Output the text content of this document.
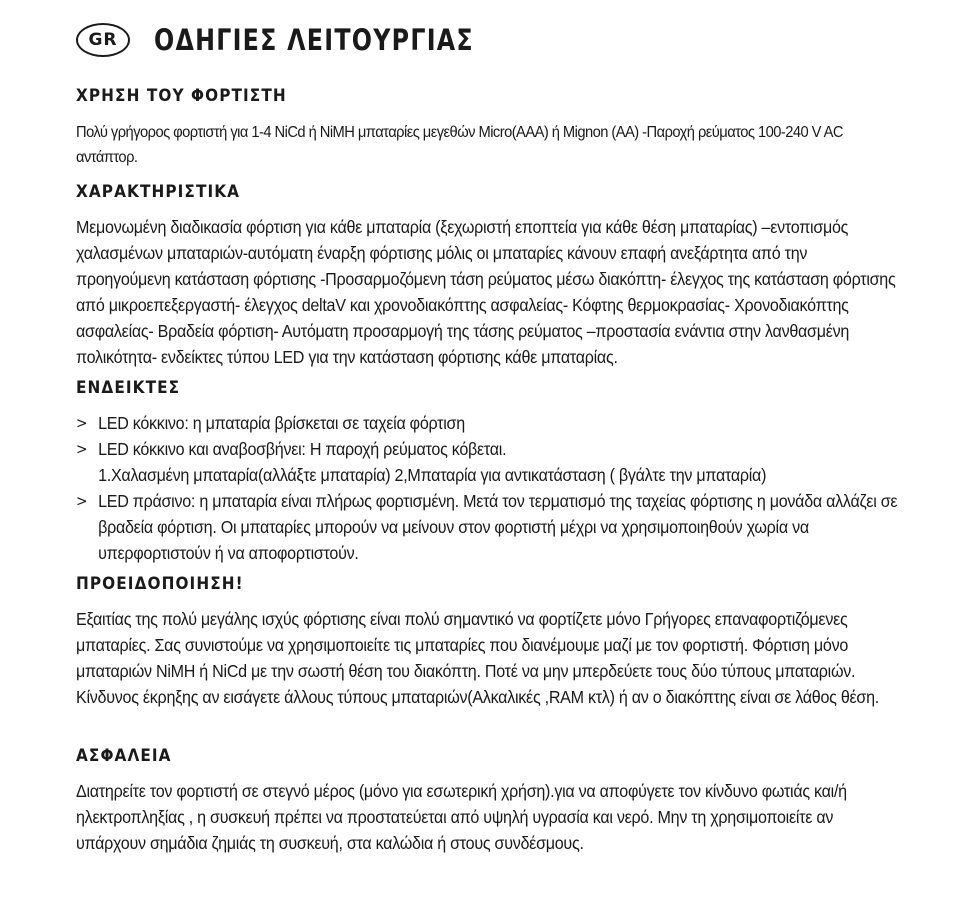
GR	ΟΔΗΓΙΕΣ ΛΕΙΤΟΥΡΓΙΑΣ
ΧΡΗΣΗ ΤΟΥ ΦΟΡΤΙΣΤΗ

Πολύ γρήγορος φορτιστή για 1-4 NiCd ή NiMH μπαταρίες μεγεθών Micro(AAA) ή Mignon (AA) -Παροχή ρεύματος 100-240 V AC αντάπτορ.

ΧΑΡΑΚΤΗΡΙΣΤΙΚΑ

Μεμονωμένη διαδικασία φόρτιση για κάθε μπαταρία (ξεχωριστή εποπτεία για κάθε θέση μπαταρίας) –εντοπισμός χαλασμένων μπαταριών-αυτόματη έναρξη φόρτισης μόλις οι μπαταρίες κάνουν επαφή ανεξάρτητα από την προηγούμενη κατάσταση φόρτισης -Προσαρμοζόμενη τάση ρεύματος μέσω διακόπτη- έλεγχος της κατάσταση φόρτισης από μικροεπεξεργαστή- έλεγχος deltaV και χρονοδιακόπτης ασφαλείας- Κόφτης θερμοκρασίας- Χρονοδιακόπτης ασφαλείας- Βραδεία φόρτιση- Αυτόματη προσαρμογή της τάσης ρεύματος –προστασία ενάντια στην λανθασμένη πολικότητα- ενδείκτες τύπου LED για την κατάσταση φόρτισης κάθε μπαταρίας.

ΕΝΔΕΙΚΤΕΣ
> LED κόκκινο: η μπαταρία βρίσκεται σε ταχεία φόρτιση
> LED κόκκινο και αναβοσβήνει: Η παροχή ρεύματος κόβεται.
1.Χαλασμένη μπαταρία(αλλάξτε μπαταρία) 2,Μπαταρία για αντικατάσταση ( βγάλτε την μπαταρία)
> LED πράσινο: η μπαταρία είναι πλήρως φορτισμένη. Μετά τον τερματισμό της ταχείας φόρτισης η μονάδα αλλάζει σε βραδεία φόρτιση. Οι μπαταρίες μπορούν να μείνουν στον φορτιστή μέχρι να χρησιμοποιηθούν χωρία να υπερφορτιστούν ή να αποφορτιστούν.
ΠΡΟΕΙΔΟΠΟΙΗΣΗ!

Εξαιτίας της πολύ μεγάλης ισχύς φόρτισης είναι πολύ σημαντικό να φορτίζετε μόνο Γρήγορες επαναφορτιζόμενες μπαταρίες. Σας συνιστούμε να χρησιμοποιείτε τις μπαταρίες που διανέμουμε μαζί με τον φορτιστή. Φόρτιση μόνο μπαταριών NiMH ή NiCd με την σωστή θέση του διακόπτη. Ποτέ να μην μπερδεύετε τους δύο τύπους μπαταριών. Κίνδυνος έκρηξης αν εισάγετε άλλους τύπους μπαταριών(Αλκαλικές ,RAM κτλ) ή αν ο διακόπτης είναι σε λάθος θέση.

ΑΣΦΑΛΕΙΑ

Διατηρείτε τον φορτιστή σε στεγνό μέρος (μόνο για εσωτερική χρήση).για να αποφύγετε τον κίνδυνο φωτιάς και/ή ηλεκτροπληξίας , η συσκευή πρέπει να προστατεύεται από υψηλή υγρασία και νερό. Μην τη χρησιμοποιείτε αν υπάρχουν σημάδια ζημιάς τη συσκευή, στα καλώδια ή στους συνδέσμους.
